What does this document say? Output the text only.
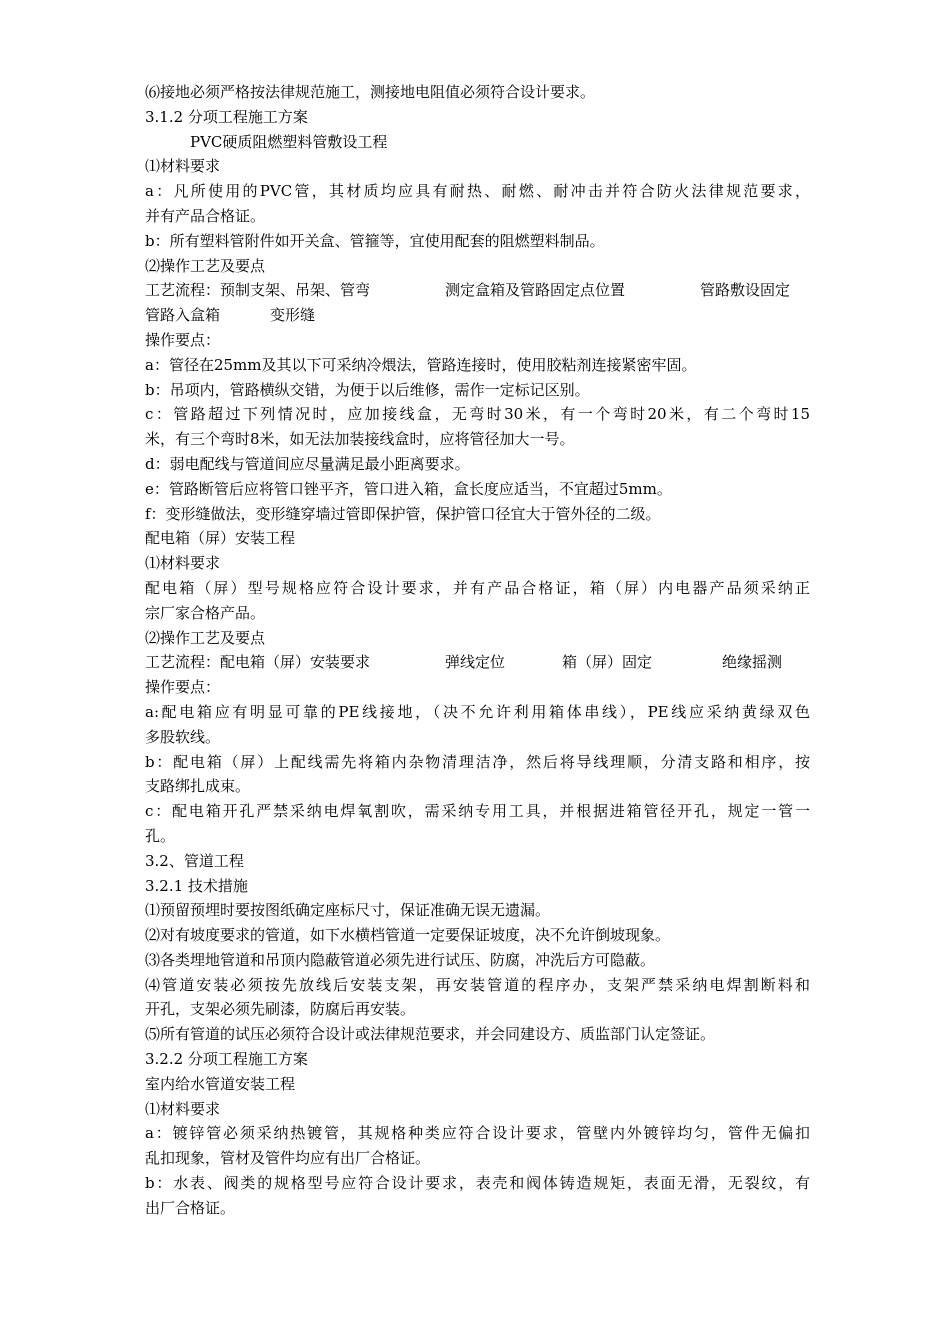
⑹接地必须严格按法律规范施工，测接地电阻值必须符合设计要求。
3.1.2 分项工程施工方案
PVC硬质阻燃塑料管敷设工程
⑴材料要求
a：凡所使用的PVC管，其材质均应具有耐热、耐燃、耐冲击并符合防火法律规范要求，
并有产品合格证。
b：所有塑料管附件如开关盒、管箍等，宜使用配套的阻燃塑料制品。
⑵操作工艺及要点
工艺流程：预制支架、吊架、管弯	测定盒箱及管路固定点位置	管路敷设固定
管路入盒箱	变形缝
操作要点：
a：管径在25mm及其以下可采纳冷煨法，管路连接时，使用胶粘剂连接紧密牢固。
b：吊项内，管路横纵交错，为便于以后维修，需作一定标记区别。
c：管路超过下列情况时，应加接线盒，无弯时30米，有一个弯时20米，有二个弯时15
米，有三个弯时8米，如无法加装接线盒时，应将管径加大一号。
d：弱电配线与管道间应尽量满足最小距离要求。
e：管路断管后应将管口锉平齐，管口进入箱，盒长度应适当，不宜超过5mm。
f：变形缝做法，变形缝穿墙过管即保护管，保护管口径宜大于管外径的二级。
配电箱（屏）安装工程
⑴材料要求
配电箱（屏）型号规格应符合设计要求，并有产品合格证，箱（屏）内电器产品须采纳正
宗厂家合格产品。
⑵操作工艺及要点
工艺流程：配电箱（屏）安装要求	弹线定位	箱（屏）固定	绝缘摇测
操作要点：
a:配电箱应有明显可靠的PE线接地，（决不允许利用箱体串线），PE线应采纳黄绿双色
多股软线。
b：配电箱（屏）上配线需先将箱内杂物清理洁净，然后将导线理顺，分清支路和相序，按
支路绑扎成束。
c：配电箱开孔严禁采纳电焊氧割吹，需采纳专用工具，并根据进箱管径开孔，规定一管一
孔。
3.2、管道工程
3.2.1 技术措施
⑴预留预埋时要按图纸确定座标尺寸，保证准确无误无遗漏。
⑵对有坡度要求的管道，如下水横档管道一定要保证坡度，决不允许倒坡现象。
⑶各类埋地管道和吊顶内隐蔽管道必须先进行试压、防腐，冲洗后方可隐蔽。
⑷管道安装必须按先放线后安装支架，再安装管道的程序办，支架严禁采纳电焊割断料和
开孔，支架必须先刷漆，防腐后再安装。
⑸所有管道的试压必须符合设计或法律规范要求，并会同建设方、质监部门认定签证。
3.2.2 分项工程施工方案
室内给水管道安装工程
⑴材料要求
a：镀锌管必须采纳热镀管，其规格种类应符合设计要求，管壁内外镀锌均匀，管件无偏扣
乱扣现象，管材及管件均应有出厂合格证。
b：水表、阀类的规格型号应符合设计要求，表壳和阀体铸造规矩，表面无滑，无裂纹，有
出厂合格证。
